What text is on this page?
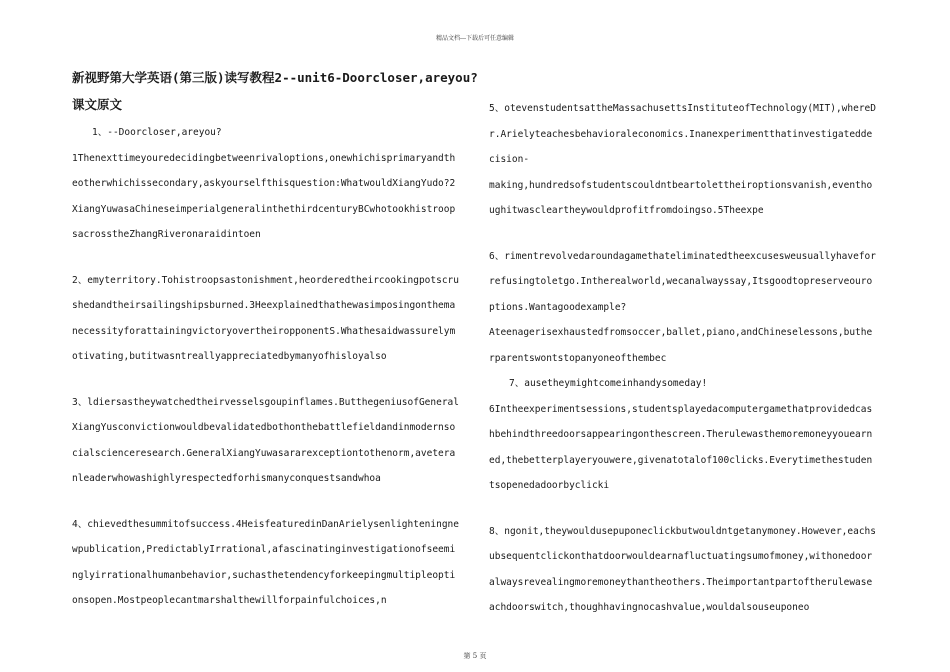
精品文档---下载后可任意编辑
新视野第大学英语(第三版)读写教程2--unit6-Doorcloser,areyou?
课文原文

1、--Doorcloser,areyou?

1Thenexttimeyouredecidingbetweenrivaloptions,onewhichisprimaryandtheotherwhichissecondary,askyourselfthisquestion:WhatwouldXiangYudo?2XiangYuwasaChineseimperialgeneralinthethirdcenturyBCwhotookhistroopsacrosstheZhangRiveronaraidintoen

2、emyterritory.Tohistroopsastonishment,heorderedtheircookingpotscrushedandtheirsailingshipsburned.3HeexplainedthathewasimposingonthemanecessityforattainingvictoryovertheiropponentS.Whathesaidwassurelymotivating,butitwasntreallyappreciatedbymanyofhisloyalso

3、ldiersastheywatchedtheirvesselsgoupinflames.ButthegeniusofGeneralXiangYusconvictionwouldbevalidatedbothonthebattlefieldandinmodernsocialscienceresearch.GeneralXiangYuwasararexceptiontothenorm,aveteranleaderwhowashighlyrespectedforhismanyconquestsandwhoa

4、chievedthesummitofsuccess.4HeisfeaturedinDanArielysenlighteningnewpublication,PredictablyIrrational,afascinatinginvestigationofseeminglyirrationalhumanbehavior,suchasthetendencyforkeepingmultipleoptionsopen.Mostpeoplecantmarshalthewillforpainfulchoices,n

5、otevenstudentsattheMassachusettsInstituteofTechnology(MIT),whereDr.Arielyteachesbehavioraleconomics.Inanexperimentthatinvestigateddecision-

making,hundredsofstudentscouldntbeartolettheiroptionsvanish,eventhoughitwascleartheywouldprofitfromdoingso.5Theexpe

6、rimentrevolvedaroundagamethateliminatedtheexcusesweusuallyhaveforrefusingtoletgo.Intherealworld,wecanalwayssay,Itsgoodtopreserveouroptions.Wantagoodexample?

Ateenagerisexhaustedfromsoccer,ballet,piano,andChineselessons,butherparentswontstopanyoneofthembec

7、ausetheymightcomeinhandysomeday!

6Intheexperimentsessions,studentsplayedacomputergamethatprovidedcashbehindthreedoorsappearingonthescreen.Therulewasthemoremoneyyouearned,thebetterplayeryouwere,givenatotalof100clicks.Everytimethestudentsopenedadoorbyclicki

8、ngonit,theywouldusepuponeclickbutwouldntgetanymoney.However,eachsubsequentclickonthatdoorwouldearnafluctuatingsumofmoney,withonedooralwaysrevealingmoremoneythantheothers.Theimportantpartoftherulewaseachdoorswitch,thoughhavingnocashvalue,wouldalsouseuponeo

第 5 页
